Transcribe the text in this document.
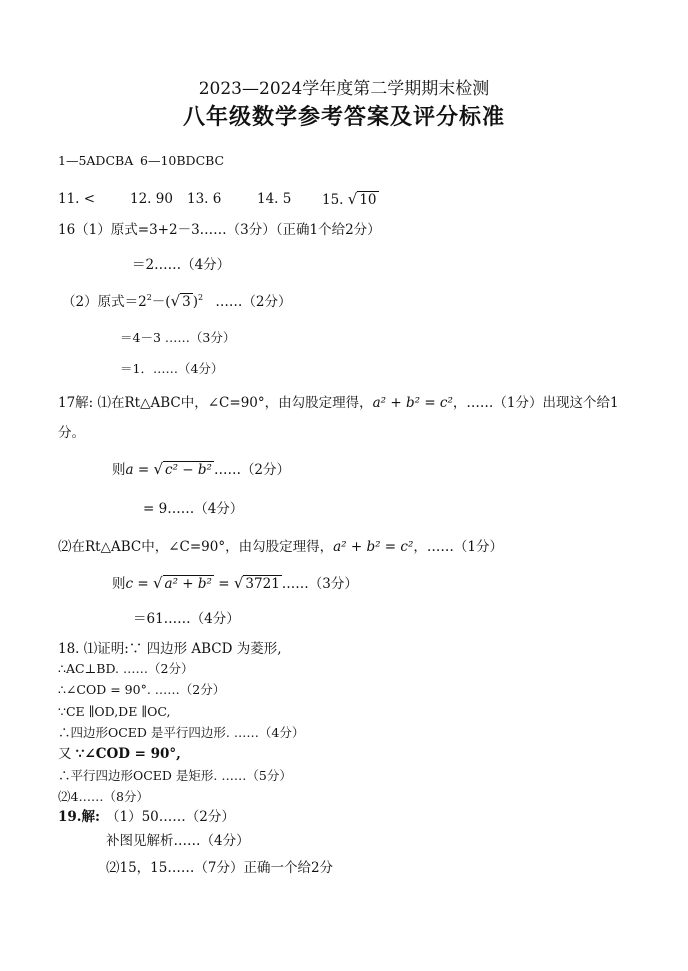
2023—2024学年度第二学期期末检测
八年级数学参考答案及评分标准
1—5ADCBA 6—10BDCBC
11. <	12. 90 13. 6	14. 5 15. √ 10
16（1）原式=3+2－3……（3分）（正确1个给2分）
＝2……（4分）
（2）原式$=2^2-(√$ 3 )$^2$ ……（2分）
＝4－3 ……（3分）
＝1．……（4分）
17解: ⑴在Rt△ABC中，∠C=90°，由勾股定理得，a² + b² = c²，……（1分）出现这个给1
分。
则a = √ c² − b² ……（2分）
= 9……（4分）
⑵在Rt△ABC中，∠C=90°，由勾股定理得，a² + b² = c²，……（1分）
则c = √ a² + b² = √ 3721 ……（3分）
＝61……（4分）
18. ⑴证明:∵ 四边形 ABCD 为菱形,
∴AC⊥BD. ……（2分）
∴∠COD = 90°. ……（2分）
∵CE ∥OD,DE ∥OC,
∴四边形OCED 是平行四边形. ……（4分）
又 ∵∠COD = 90°,
∴平行四边形OCED 是矩形. ……（5分）
⑵4……（8分）
19.解: （1）50……（2分）
补图见解析……（4分）
⑵15，15……（7分）正确一个给2分
